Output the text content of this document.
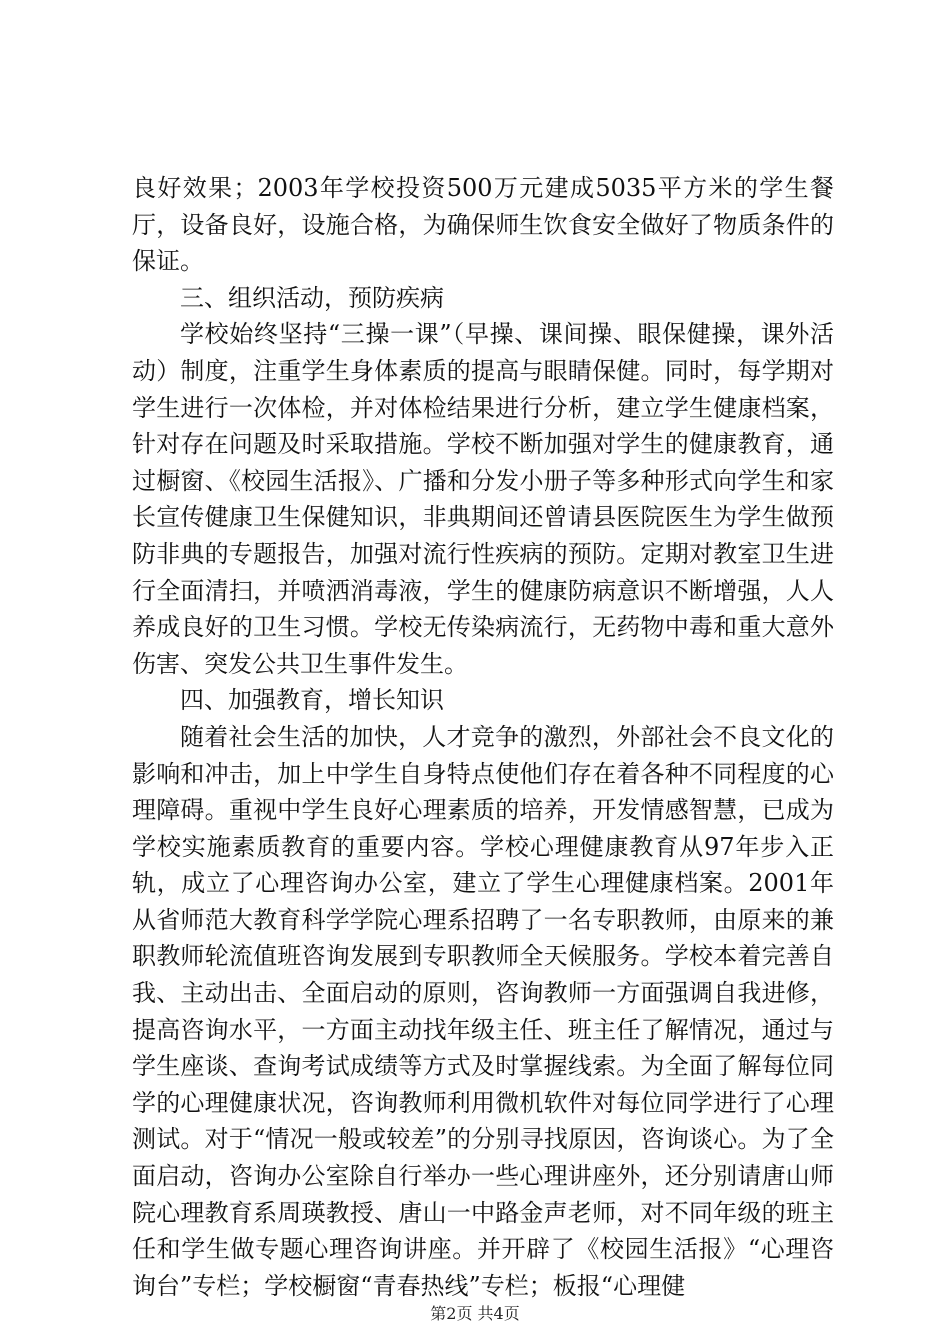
良好效果；2003年学校投资500万元建成5035平方米的学生餐厅，设备良好，设施合格，为确保师生饮食安全做好了物质条件的保证。

三、组织活动，预防疾病

学校始终坚持“三操一课”（早操、课间操、眼保健操，课外活动）制度，注重学生身体素质的提高与眼睛保健。同时，每学期对学生进行一次体检，并对体检结果进行分析，建立学生健康档案，针对存在问题及时采取措施。学校不断加强对学生的健康教育，通过橱窗、《校园生活报》、广播和分发小册子等多种形式向学生和家长宣传健康卫生保健知识，非典期间还曾请县医院医生为学生做预防非典的专题报告，加强对流行性疾病的预防。定期对教室卫生进行全面清扫，并喷洒消毒液，学生的健康防病意识不断增强，人人养成良好的卫生习惯。学校无传染病流行，无药物中毒和重大意外伤害、突发公共卫生事件发生。

四、加强教育，增长知识

随着社会生活的加快，人才竞争的激烈，外部社会不良文化的影响和冲击，加上中学生自身特点使他们存在着各种不同程度的心理障碍。重视中学生良好心理素质的培养，开发情感智慧，已成为学校实施素质教育的重要内容。学校心理健康教育从97年步入正轨，成立了心理咨询办公室，建立了学生心理健康档案。2001年从省师范大教育科学学院心理系招聘了一名专职教师，由原来的兼职教师轮流值班咨询发展到专职教师全天候服务。学校本着完善自我、主动出击、全面启动的原则，咨询教师一方面强调自我进修，提高咨询水平，一方面主动找年级主任、班主任了解情况，通过与学生座谈、查询考试成绩等方式及时掌握线索。为全面了解每位同学的心理健康状况，咨询教师利用微机软件对每位同学进行了心理测试。对于“情况一般或较差”的分别寻找原因，咨询谈心。为了全面启动，咨询办公室除自行举办一些心理讲座外，还分别请唐山师院心理教育系周瑛教授、唐山一中路金声老师，对不同年级的班主任和学生做专题心理咨询讲座。并开辟了《校园生活报》“心理咨询台”专栏；学校橱窗“青春热线”专栏；板报“心理健

第2页 共4页
